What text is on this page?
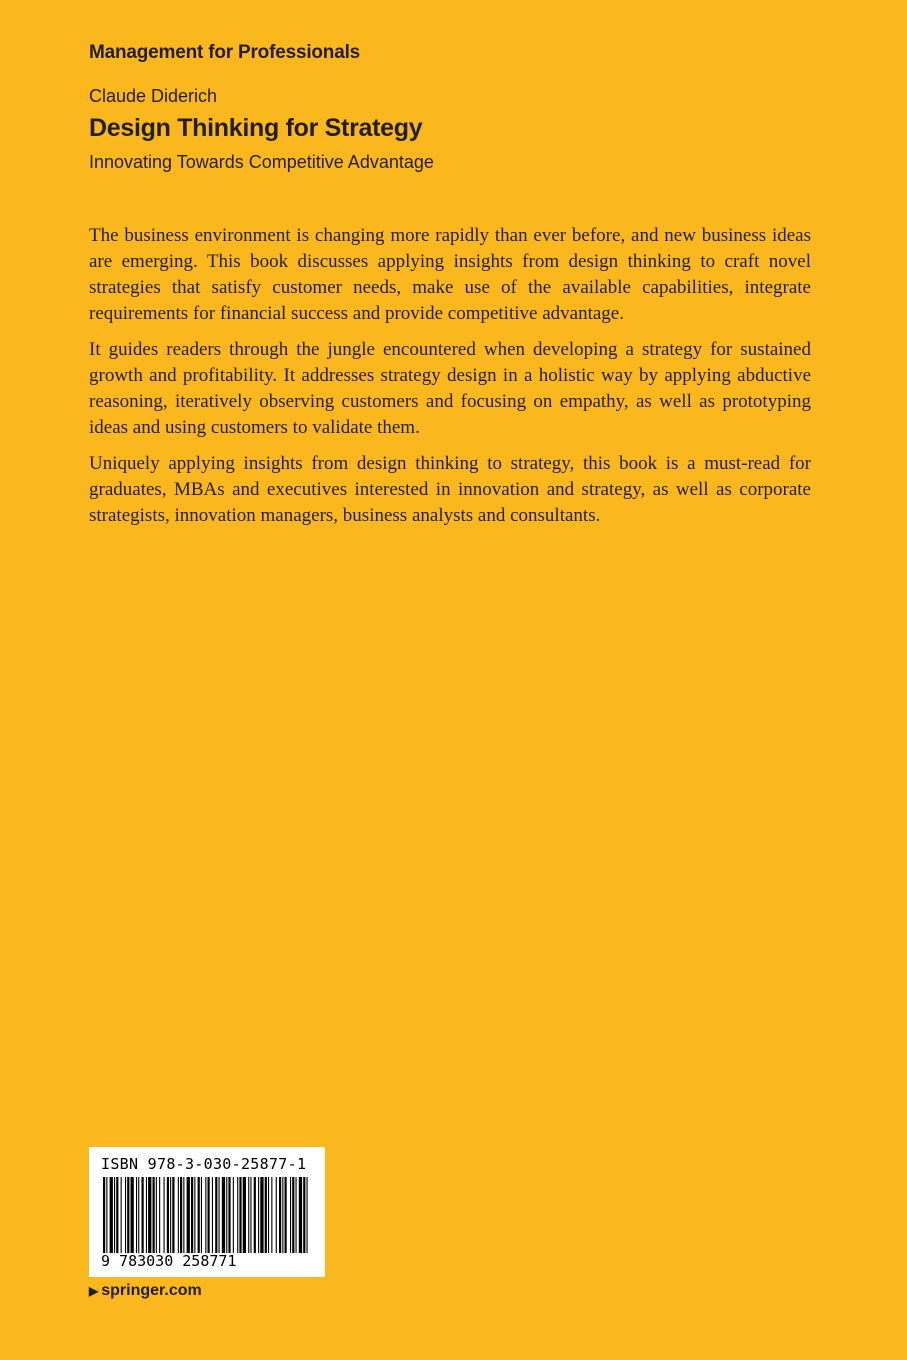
Management for Professionals
Claude Diderich
Design Thinking for Strategy
Innovating Towards Competitive Advantage

The business environment is changing more rapidly than ever before, and new business ideas are emerging. This book discusses applying insights from design thinking to craft novel strategies that satisfy customer needs, make use of the available capabilities, integrate requirements for financial success and provide competitive advantage.

It guides readers through the jungle encountered when developing a strategy for sustained growth and profitability. It addresses strategy design in a holistic way by applying abductive reasoning, iteratively observing customers and focusing on empathy, as well as prototyping ideas and using customers to validate them.

Uniquely applying insights from design thinking to strategy, this book is a must-read for graduates, MBAs and executives interested in innovation and strategy, as well as corporate strategists, innovation managers, business analysts and consultants.

ISBN 978-3-030-25877-1
9 783030 258771
▶ springer.com
